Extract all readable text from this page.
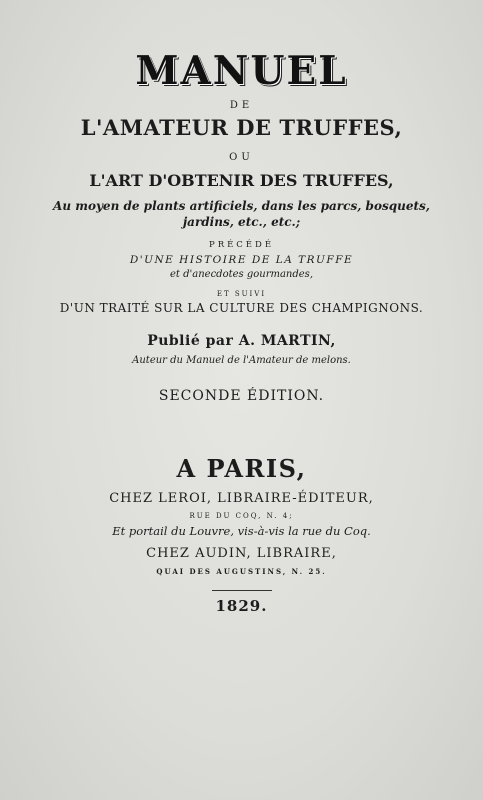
MANUEL
DE
L'AMATEUR DE TRUFFES,
OU
L'ART D'OBTENIR DES TRUFFES,
Au moyen de plants artificiels, dans les parcs, bosquets,
jardins, etc., etc.;
PRÉCÉDÉ
D'UNE HISTOIRE DE LA TRUFFE
et d'anecdotes gourmandes,
ET SUIVI
D'UN TRAITÉ SUR LA CULTURE DES CHAMPIGNONS.
Publié par A. MARTIN,
Auteur du Manuel de l'Amateur de melons.
SECONDE ÉDITION.
A PARIS,
CHEZ LEROI, LIBRAIRE-ÉDITEUR,
RUE DU COQ, N. 4;
Et portail du Louvre, vis-à-vis la rue du Coq.
CHEZ AUDIN, LIBRAIRE,
QUAI DES AUGUSTINS, N. 25.
1829.
